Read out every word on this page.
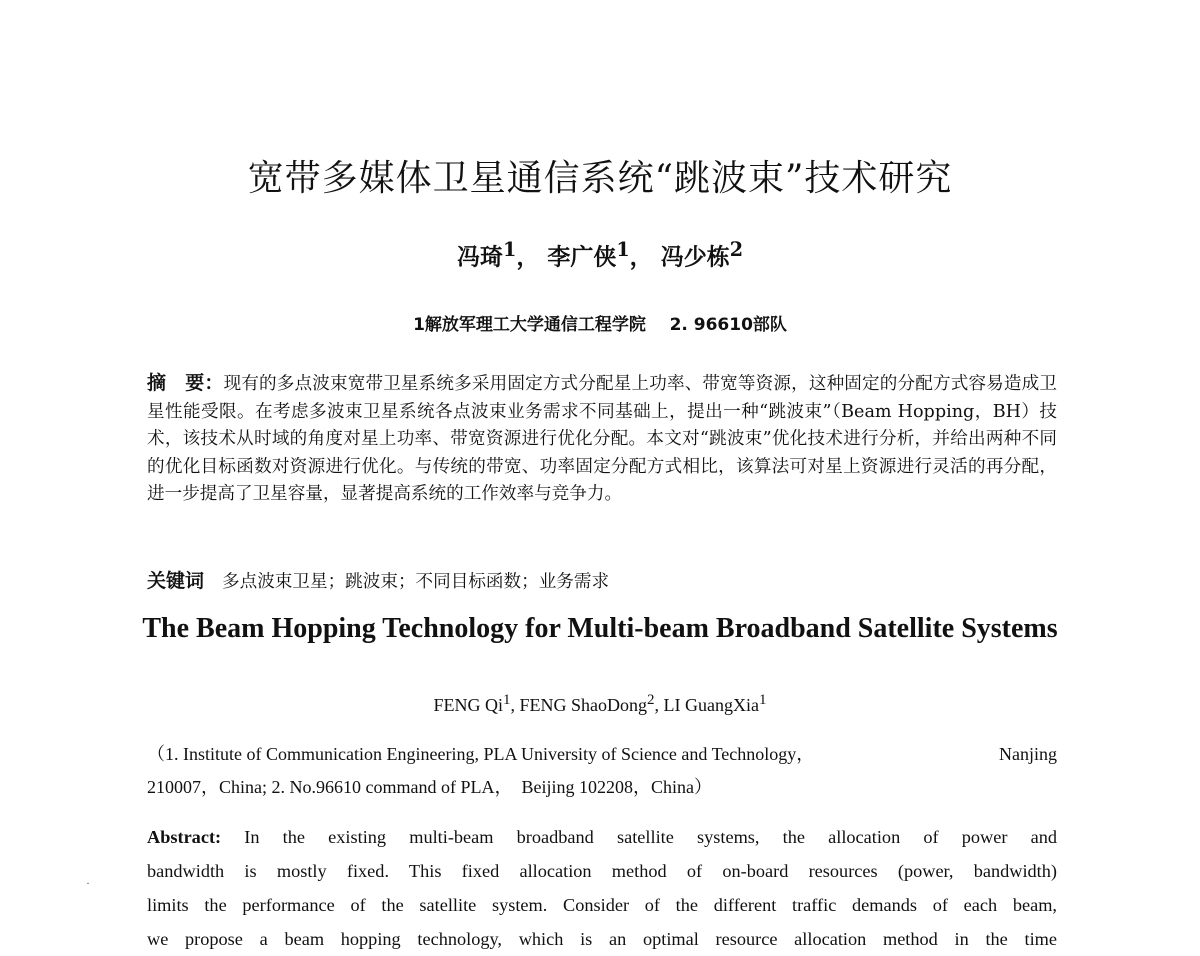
宽带多媒体卫星通信系统“跳波束”技术研究
冯琦$^1$， 李广侠$^1$， 冯少栋$^2$
1解放军理工大学通信工程学院    2. 96610部队
摘　要：现有的多点波束宽带卫星系统多采用固定方式分配星上功率、带宽等资源，这种固定的分配方式容易造成卫星性能受限。在考虑多波束卫星系统各点波束业务需求不同基础上，提出一种“跳波束”（Beam Hopping，BH）技术，该技术从时域的角度对星上功率、带宽资源进行优化分配。本文对“跳波束”优化技术进行分析，并给出两种不同的优化目标函数对资源进行优化。与传统的带宽、功率固定分配方式相比，该算法可对星上资源进行灵活的再分配，进一步提高了卫星容量，显著提高系统的工作效率与竞争力。
关键词 多点波束卫星；跳波束；不同目标函数；业务需求
The Beam Hopping Technology for Multi-beam Broadband Satellite Systems
FENG Qi$^1$, FENG ShaoDong$^2$, LI GuangXia$^1$
（1. Institute of Communication Engineering, PLA University of Science and Technology，	Nanjing
210007，China; 2. No.96610 command of PLA，  Beijing 102208，China）
Abstract: In the existing multi-beam broadband satellite systems, the allocation of power and
bandwidth is mostly fixed. This fixed allocation method of on-board resources (power, bandwidth)
limits the performance of the satellite system. Consider of the different traffic demands of each beam,
we propose a beam hopping technology, which is an optimal resource allocation method in the time
·
